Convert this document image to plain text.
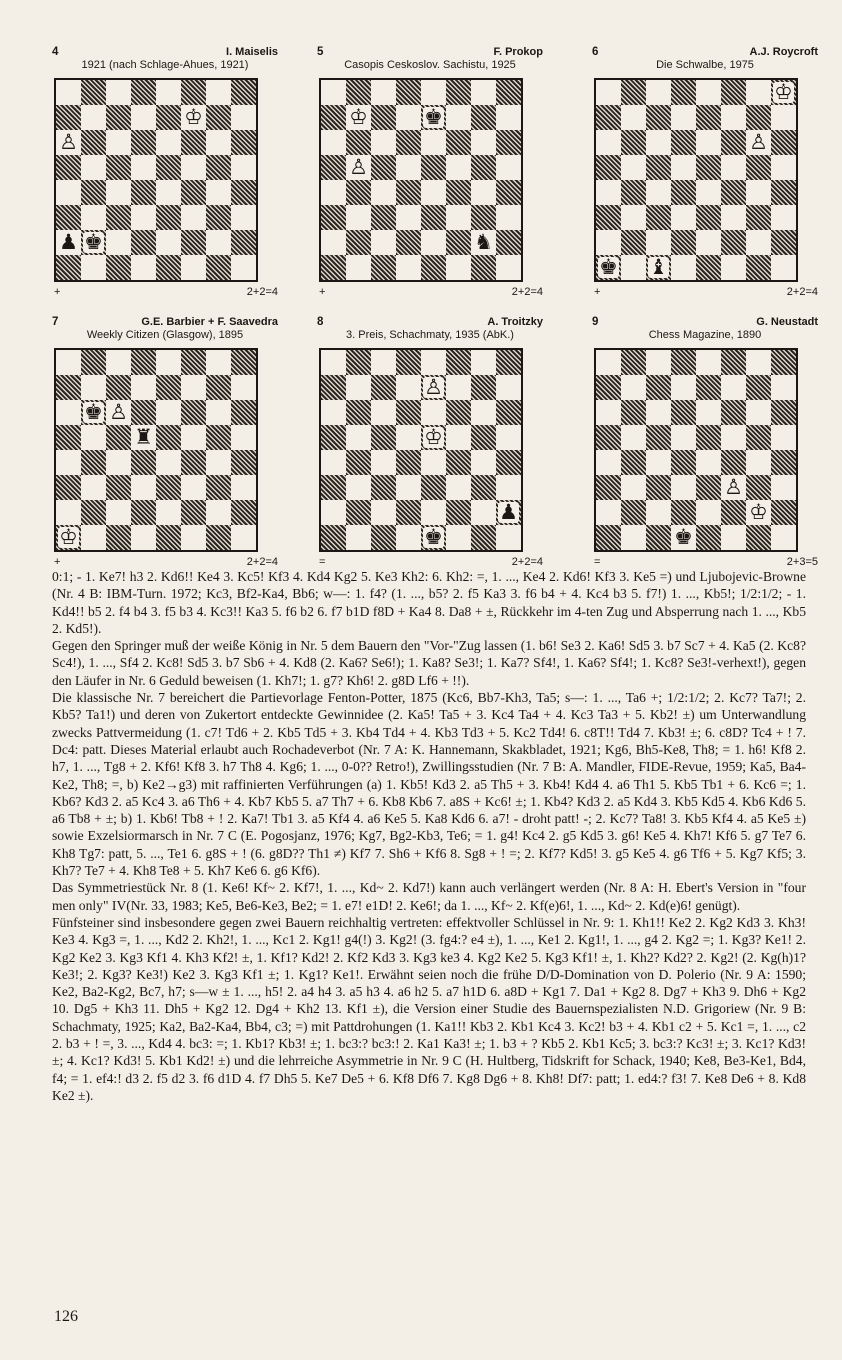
4	I. Maiselis
1921 (nach Schlage-Ahues, 1921)
♔
♙
♟ ♚
+	2+2=4
5	F. Prokop
Casopis Ceskoslov. Sachistu, 1925
♔	♚
♙
♞
+	2+2=4
6	A.J. Roycroft
Die Schwalbe, 1975
♔
♙
♚ ♝
+	2+2=4
7	G.E. Barbier + F. Saavedra
Weekly Citizen (Glasgow), 1895
♚ ♙
♜
♔
+	2+2=4
8	A. Troitzky
3. Preis, Schachmaty, 1935 (AbK.)
♙
♔
♟
♚
=	2+2=4
9	G. Neustadt
Chess Magazine, 1890
♙
♔
♚
=	2+3=5

0:1; - 1. Ke7! h3 2. Kd6!! Ke4 3. Kc5! Kf3 4. Kd4 Kg2 5. Ke3 Kh2: 6. Kh2: =, 1. ..., Ke4 2. Kd6! Kf3 3. Ke5 =) und Ljubojevic-Browne (Nr. 4 B: IBM-Turn. 1972; Kc3, Bf2-Ka4, Bb6; w—: 1. f4? (1. ..., b5? 2. f5 Ka3 3. f6 b4 + 4. Kc4 b3 5. f7!) 1. ..., Kb5!; 1/2:1/2; - 1. Kd4!! b5 2. f4 b4 3. f5 b3 4. Kc3!! Ka3 5. f6 b2 6. f7 b1D f8D + Ka4 8. Da8 + ±, Rückkehr im 4-ten Zug und Absperrung nach 1. ..., Kb5 2. Kd5!).

Gegen den Springer muß der weiße König in Nr. 5 dem Bauern den "Vor-"Zug lassen (1. b6! Se3 2. Ka6! Sd5 3. b7 Sc7 + 4. Ka5 (2. Kc8? Sc4!), 1. ..., Sf4 2. Kc8! Sd5 3. b7 Sb6 + 4. Kd8 (2. Ka6? Se6!); 1. Ka8? Se3!; 1. Ka7? Sf4!, 1. Ka6? Sf4!; 1. Kc8? Se3!-verhext!), gegen den Läufer in Nr. 6 Geduld beweisen (1. Kh7!; 1. g7? Kh6! 2. g8D Lf6 + !!).

Die klassische Nr. 7 bereichert die Partievorlage Fenton-Potter, 1875 (Kc6, Bb7-Kh3, Ta5; s—: 1. ..., Ta6 +; 1/2:1/2; 2. Kc7? Ta7!; 2. Kb5? Ta1!) und deren von Zukertort entdeckte Gewinnidee (2. Ka5! Ta5 + 3. Kc4 Ta4 + 4. Kc3 Ta3 + 5. Kb2! ±) um Unterwandlung zwecks Pattvermeidung (1. c7! Td6 + 2. Kb5 Td5 + 3. Kb4 Td4 + 4. Kb3 Td3 + 5. Kc2 Td4! 6. c8T!! Td4 7. Kb3! ±; 6. c8D? Tc4 + ! 7. Dc4: patt. Dieses Material erlaubt auch Rochadeverbot (Nr. 7 A: K. Hannemann, Skakbladet, 1921; Kg6, Bh5-Ke8, Th8; = 1. h6! Kf8 2. h7, 1. ..., Tg8 + 2. Kf6! Kf8 3. h7 Th8 4. Kg6; 1. ..., 0-0?? Retro!), Zwillingsstudien (Nr. 7 B: A. Mandler, FIDE-Revue, 1959; Ka5, Ba4-Ke2, Th8; =, b) Ke2→g3) mit raffinierten Verführungen (a) 1. Kb5! Kd3 2. a5 Th5 + 3. Kb4! Kd4 4. a6 Th1 5. Kb5 Tb1 + 6. Kc6 =; 1. Kb6? Kd3 2. a5 Kc4 3. a6 Th6 + 4. Kb7 Kb5 5. a7 Th7 + 6. Kb8 Kb6 7. a8S + Kc6! ±; 1. Kb4? Kd3 2. a5 Kd4 3. Kb5 Kd5 4. Kb6 Kd6 5. a6 Tb8 + ±; b) 1. Kb6! Tb8 + ! 2. Ka7! Tb1 3. a5 Kf4 4. a6 Ke5 5. Ka8 Kd6 6. a7! - droht patt! -; 2. Kc7? Ta8! 3. Kb5 Kf4 4. a5 Ke5 ±) sowie Exzelsiormarsch in Nr. 7 C (E. Pogosjanz, 1976; Kg7, Bg2-Kb3, Te6; = 1. g4! Kc4 2. g5 Kd5 3. g6! Ke5 4. Kh7! Kf6 5. g7 Te7 6. Kh8 Tg7: patt, 5. ..., Te1 6. g8S + ! (6. g8D?? Th1 ≠) Kf7 7. Sh6 + Kf6 8. Sg8 + ! =; 2. Kf7? Kd5! 3. g5 Ke5 4. g6 Tf6 + 5. Kg7 Kf5; 3. Kh7? Te7 + 4. Kh8 Te8 + 5. Kh7 Ke6 6. g6 Kf6).

Das Symmetriestück Nr. 8 (1. Ke6! Kf~ 2. Kf7!, 1. ..., Kd~ 2. Kd7!) kann auch verlängert werden (Nr. 8 A: H. Ebert's Version in "four men only" IV(Nr. 33, 1983; Ke5, Be6-Ke3, Be2; = 1. e7! e1D! 2. Ke6!; da 1. ..., Kf~ 2. Kf(e)6!, 1. ..., Kd~ 2. Kd(e)6! genügt).

Fünfsteiner sind insbesondere gegen zwei Bauern reichhaltig vertreten: effektvoller Schlüssel in Nr. 9: 1. Kh1!! Ke2 2. Kg2 Kd3 3. Kh3! Ke3 4. Kg3 =, 1. ..., Kd2 2. Kh2!, 1. ..., Kc1 2. Kg1! g4(!) 3. Kg2! (3. fg4:? e4 ±), 1. ..., Ke1 2. Kg1!, 1. ..., g4 2. Kg2 =; 1. Kg3? Ke1! 2. Kg2 Ke2 3. Kg3 Kf1 4. Kh3 Kf2! ±, 1. Kf1? Kd2! 2. Kf2 Kd3 3. Kg3 ke3 4. Kg2 Ke2 5. Kg3 Kf1! ±, 1. Kh2? Kd2? 2. Kg2! (2. Kg(h)1? Ke3!; 2. Kg3? Ke3!) Ke2 3. Kg3 Kf1 ±; 1. Kg1? Ke1!. Erwähnt seien noch die frühe D/D-Domination von D. Polerio (Nr. 9 A: 1590; Ke2, Ba2-Kg2, Bc7, h7; s—w ± 1. ..., h5! 2. a4 h4 3. a5 h3 4. a6 h2 5. a7 h1D 6. a8D + Kg1 7. Da1 + Kg2 8. Dg7 + Kh3 9. Dh6 + Kg2 10. Dg5 + Kh3 11. Dh5 + Kg2 12. Dg4 + Kh2 13. Kf1 ±), die Version einer Studie des Bauernspezialisten N.D. Grigoriew (Nr. 9 B: Schachmaty, 1925; Ka2, Ba2-Ka4, Bb4, c3; =) mit Pattdrohungen (1. Ka1!! Kb3 2. Kb1 Kc4 3. Kc2! b3 + 4. Kb1 c2 + 5. Kc1 =, 1. ..., c2 2. b3 + ! =, 3. ..., Kd4 4. bc3: =; 1. Kb1? Kb3! ±; 1. bc3:? bc3:! 2. Ka1 Ka3! ±; 1. b3 + ? Kb5 2. Kb1 Kc5; 3. bc3:? Kc3! ±; 3. Kc1? Kd3! ±; 4. Kc1? Kd3! 5. Kb1 Kd2! ±) und die lehrreiche Asymmetrie in Nr. 9 C (H. Hultberg, Tidskrift for Schack, 1940; Ke8, Be3-Ke1, Bd4, f4; = 1. ef4:! d3 2. f5 d2 3. f6 d1D 4. f7 Dh5 5. Ke7 De5 + 6. Kf8 Df6 7. Kg8 Dg6 + 8. Kh8! Df7: patt; 1. ed4:? f3! 7. Ke8 De6 + 8. Kd8 Ke2 ±).

126
